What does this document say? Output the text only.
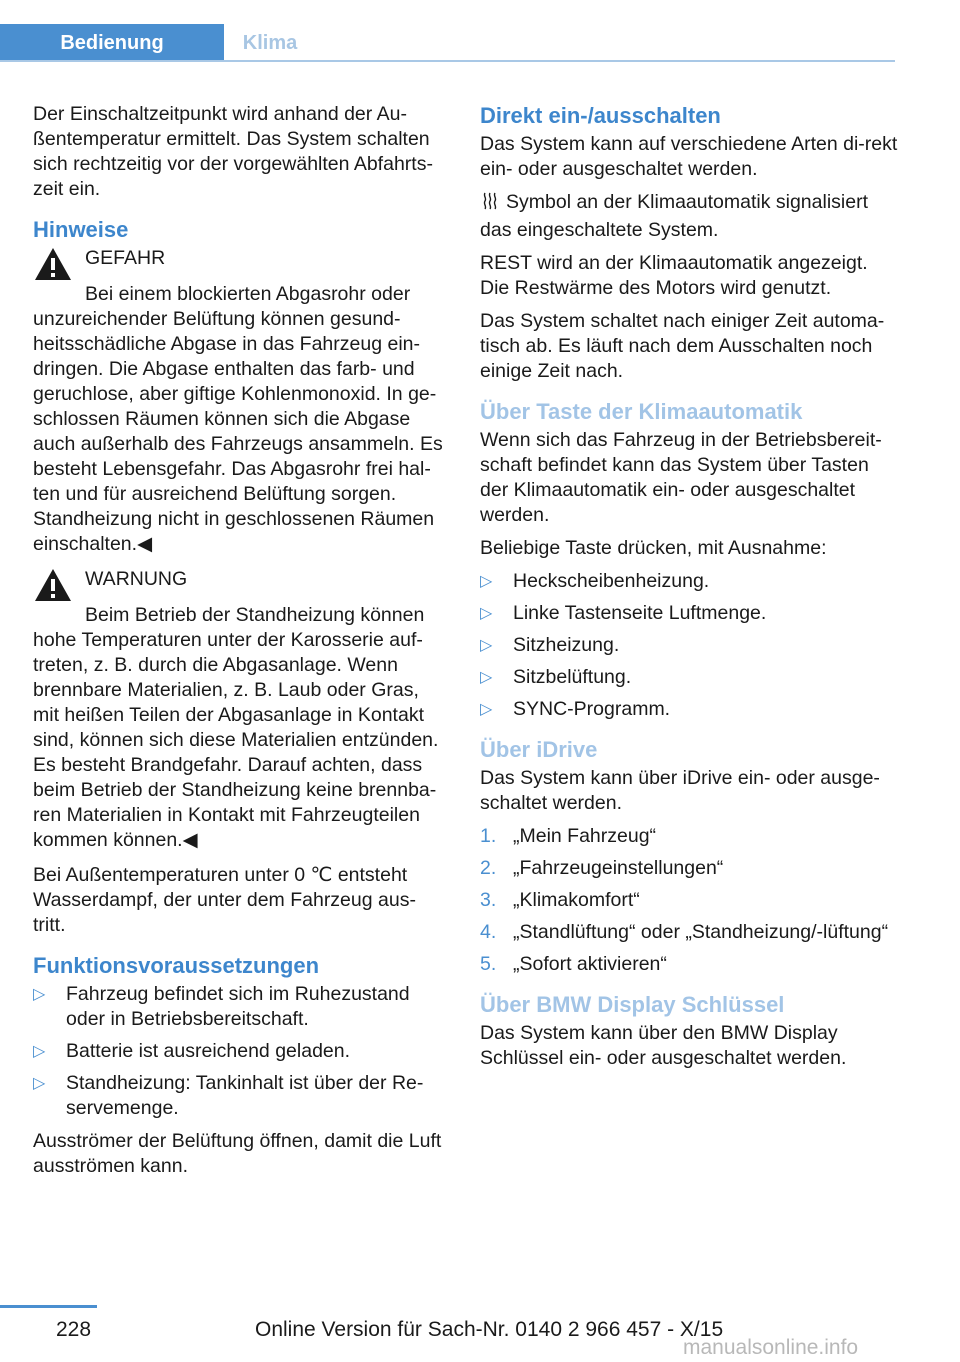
Bedienung	Klima

Der Einschaltzeitpunkt wird anhand der Au‐ßentemperatur ermittelt. Das System schalten sich rechtzeitig vor der vorgewählten Abfahrts‐zeit ein.

Hinweise
GEFAHR
Bei einem blockierten Abgasrohr oder unzureichender Belüftung können gesund‐heitsschädliche Abgase in das Fahrzeug ein‐dringen. Die Abgase enthalten das farb- und geruchlose, aber giftige Kohlenmonoxid. In ge‐schlossen Räumen können sich die Abgase auch außerhalb des Fahrzeugs ansammeln. Es besteht Lebensgefahr. Das Abgasrohr frei hal‐ten und für ausreichend Belüftung sorgen. Standheizung nicht in geschlossenen Räumen einschalten.◀
WARNUNG
Beim Betrieb der Standheizung können hohe Temperaturen unter der Karosserie auf‐treten, z. B. durch die Abgasanlage. Wenn brennbare Materialien, z. B. Laub oder Gras, mit heißen Teilen der Abgasanlage in Kontakt sind, können sich diese Materialien entzünden. Es besteht Brandgefahr. Darauf achten, dass beim Betrieb der Standheizung keine brennba‐ren Materialien in Kontakt mit Fahrzeugteilen kommen können.◀

Bei Außentemperaturen unter 0 ℃ entsteht Wasserdampf, der unter dem Fahrzeug aus‐tritt.

Funktionsvoraussetzungen
▷ Fahrzeug befindet sich im Ruhezustand oder in Betriebsbereitschaft.
▷ Batterie ist ausreichend geladen.
▷ Standheizung: Tankinhalt ist über der Re‐servemenge.

Ausströmer der Belüftung öffnen, damit die Luft ausströmen kann.

Direkt ein-/ausschalten

Das System kann auf verschiedene Arten di‐rekt ein- oder ausgeschaltet werden.

Symbol an der Klimaautomatik signalisiert das eingeschaltete System.

REST wird an der Klimaautomatik angezeigt. Die Restwärme des Motors wird genutzt.

Das System schaltet nach einiger Zeit automa‐tisch ab. Es läuft nach dem Ausschalten noch einige Zeit nach.

Über Taste der Klimaautomatik

Wenn sich das Fahrzeug in der Betriebsbereit‐schaft befindet kann das System über Tasten der Klimaautomatik ein- oder ausgeschaltet werden.

Beliebige Taste drücken, mit Ausnahme:

▷ Heckscheibenheizung.
▷ Linke Tastenseite Luftmenge.
▷ Sitzheizung.
▷ Sitzbelüftung.
▷ SYNC-Programm.
Über iDrive

Das System kann über iDrive ein- oder ausge‐schaltet werden.

1. „Mein Fahrzeug“
2. „Fahrzeugeinstellungen“
3. „Klimakomfort“
4. „Standlüftung“ oder „Standheizung/-lüftung“
5. „Sofort aktivieren“
Über BMW Display Schlüssel

Das System kann über den BMW Display Schlüssel ein- oder ausgeschaltet werden.

228	Online Version für Sach-Nr. 0140 2 966 457 - X/15
manualsonline.info
